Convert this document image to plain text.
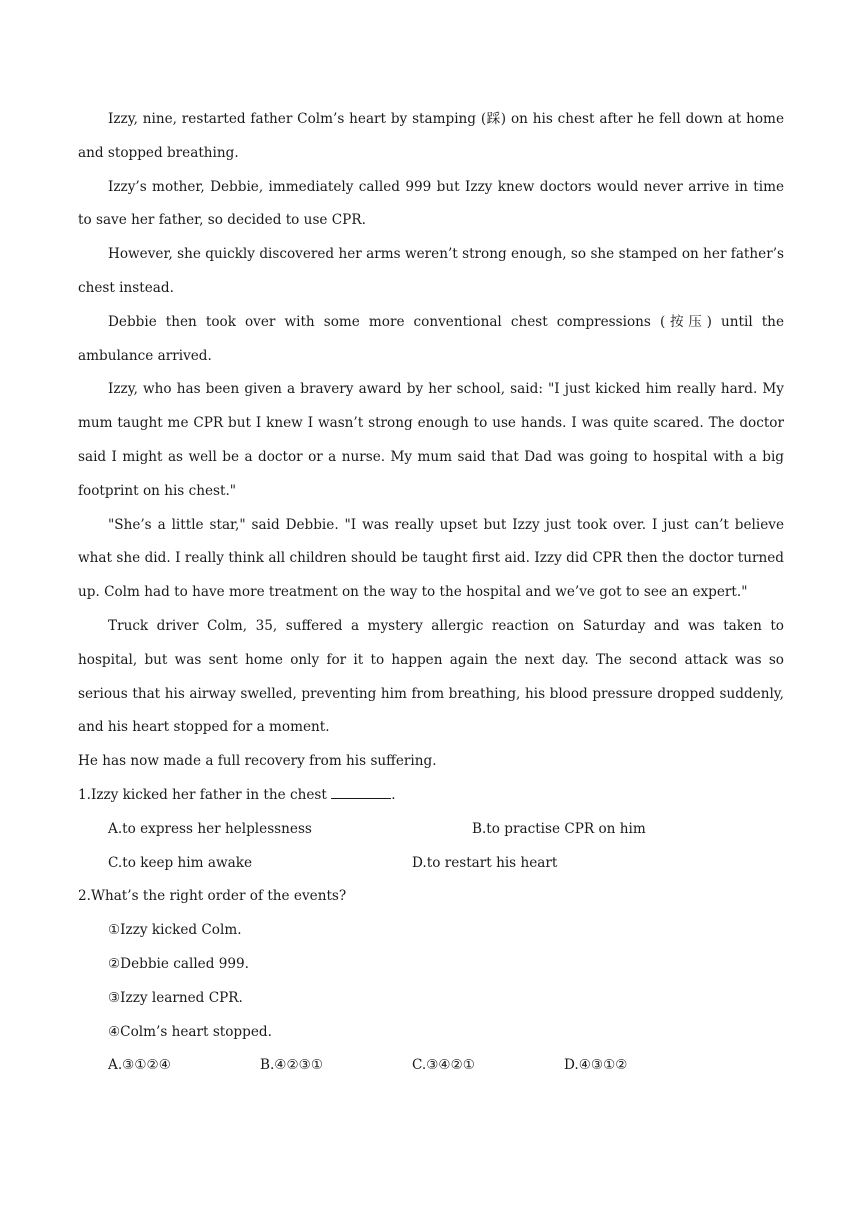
Izzy, nine, restarted father Colm’s heart by stamping (踩) on his chest after he fell down at home and stopped breathing.

Izzy’s mother, Debbie, immediately called 999 but Izzy knew doctors would never arrive in time to save her father, so decided to use CPR.

However, she quickly discovered her arms weren’t strong enough, so she stamped on her father’s chest instead.

Debbie then took over with some more conventional chest compressions (按压) until the ambulance arrived.

Izzy, who has been given a bravery award by her school, said: "I just kicked him really hard. My mum taught me CPR but I knew I wasn’t strong enough to use hands. I was quite scared. The doctor said I might as well be a doctor or a nurse. My mum said that Dad was going to hospital with a big footprint on his chest."

"She’s a little star," said Debbie. "I was really upset but Izzy just took over. I just can’t believe what she did. I really think all children should be taught first aid. Izzy did CPR then the doctor turned up. Colm had to have more treatment on the way to the hospital and we’ve got to see an expert."

Truck driver Colm, 35, suffered a mystery allergic reaction on Saturday and was taken to hospital, but was sent home only for it to happen again the next day. The second attack was so serious that his airway swelled, preventing him from breathing, his blood pressure dropped suddenly, and his heart stopped for a moment.

He has now made a full recovery from his suffering.

1.Izzy kicked her father in the chest	.

A.to express her helplessness	B.to practise CPR on him
C.to keep him awake	D.to restart his heart

2.What’s the right order of the events?

①Izzy kicked Colm.

②Debbie called 999.

③Izzy learned CPR.

④Colm’s heart stopped.

A.③①②④	B.④②③①	C.③④②①	D.④③①②
